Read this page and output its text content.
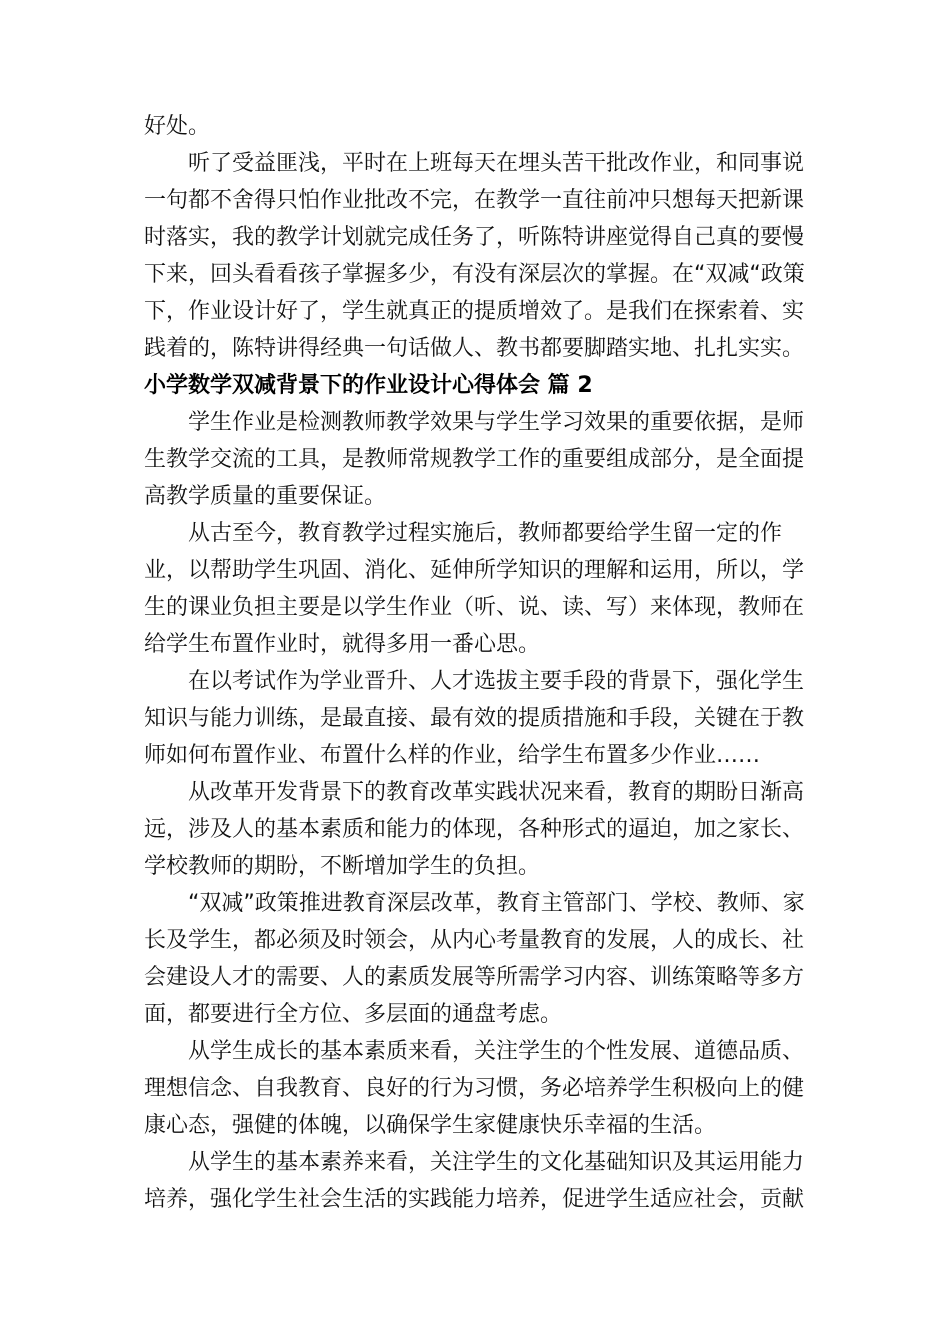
好处。

听了受益匪浅，平时在上班每天在埋头苦干批改作业，和同事说一句都不舍得只怕作业批改不完，在教学一直往前冲只想每天把新课时落实，我的教学计划就完成任务了，听陈特讲座觉得自己真的要慢下来，回头看看孩子掌握多少，有没有深层次的掌握。在“双减“政策下，作业设计好了，学生就真正的提质增效了。是我们在探索着、实践着的，陈特讲得经典一句话做人、教书都要脚踏实地、扎扎实实。

小学数学双减背景下的作业设计心得体会 篇 2

学生作业是检测教师教学效果与学生学习效果的重要依据，是师生教学交流的工具，是教师常规教学工作的重要组成部分，是全面提高教学质量的重要保证。

从古至今，教育教学过程实施后，教师都要给学生留一定的作业，以帮助学生巩固、消化、延伸所学知识的理解和运用，所以，学生的课业负担主要是以学生作业（听、说、读、写）来体现，教师在给学生布置作业时，就得多用一番心思。

在以考试作为学业晋升、人才选拔主要手段的背景下，强化学生知识与能力训练，是最直接、最有效的提质措施和手段，关键在于教师如何布置作业、布置什么样的作业，给学生布置多少作业……

从改革开发背景下的教育改革实践状况来看，教育的期盼日渐高远，涉及人的基本素质和能力的体现，各种形式的逼迫，加之家长、学校教师的期盼，不断增加学生的负担。

“双减”政策推进教育深层改革，教育主管部门、学校、教师、家长及学生，都必须及时领会，从内心考量教育的发展，人的成长、社会建设人才的需要、人的素质发展等所需学习内容、训练策略等多方面，都要进行全方位、多层面的通盘考虑。

从学生成长的基本素质来看，关注学生的个性发展、道德品质、理想信念、自我教育、良好的行为习惯，务必培养学生积极向上的健康心态，强健的体魄，以确保学生家健康快乐幸福的生活。

从学生的基本素养来看，关注学生的文化基础知识及其运用能力培养，强化学生社会生活的实践能力培养，促进学生适应社会，贡献
